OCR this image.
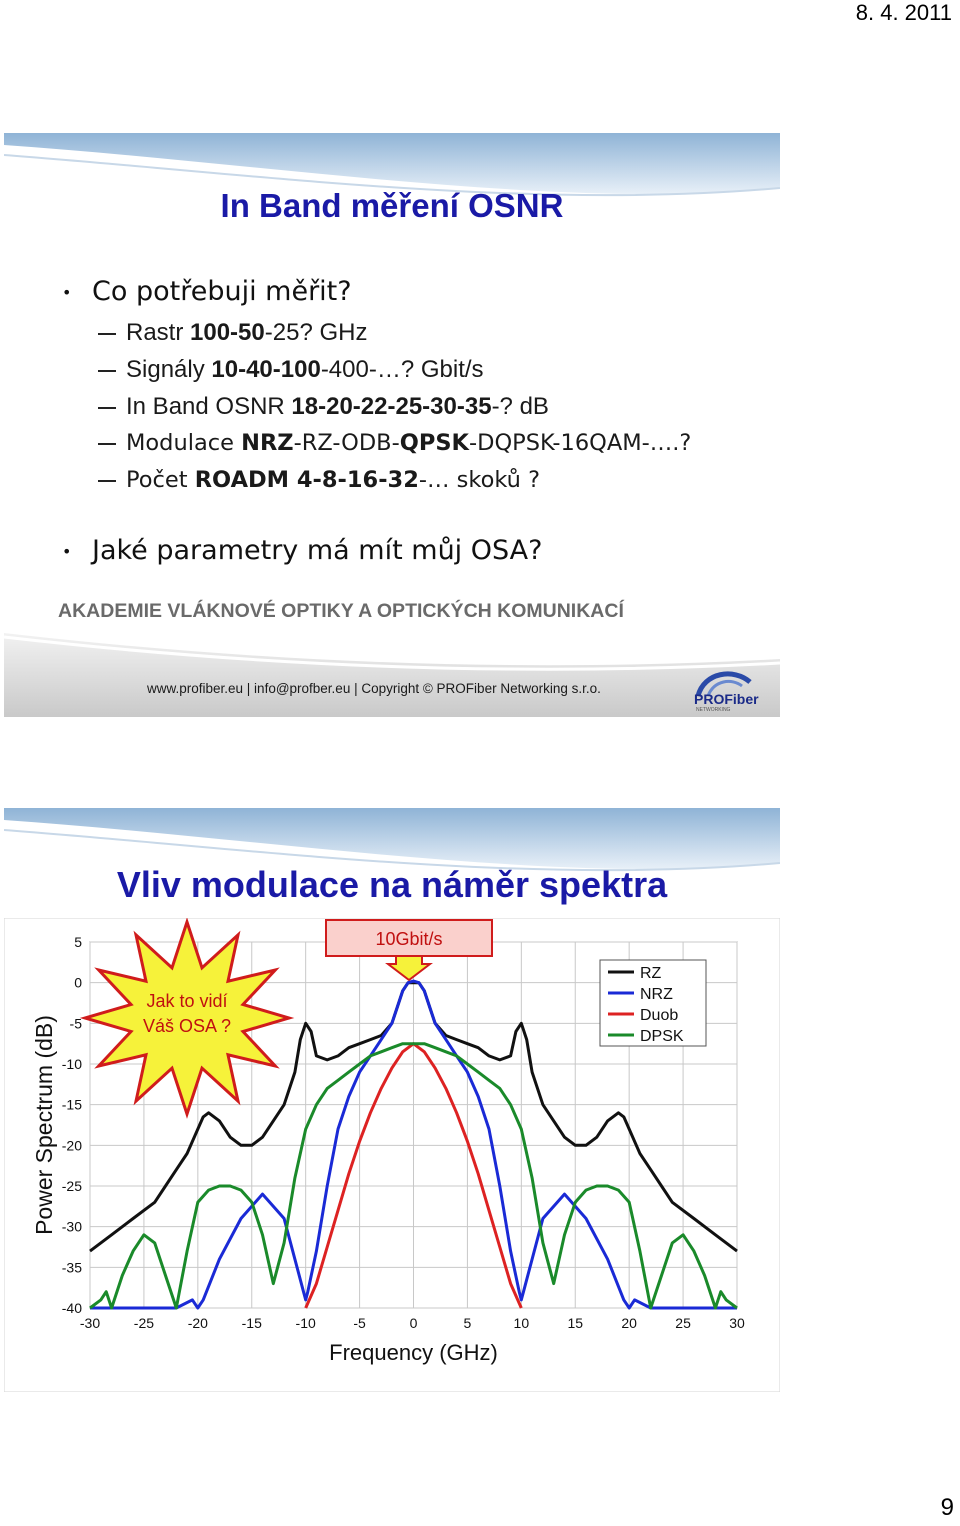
8. 4. 2011
In Band měření OSNR
• Co potřebuji měřit?
Rastr 100-50-25? GHz
Signály 10-40-100-400-…? Gbit/s
In Band OSNR 18-20-22-25-30-35-? dB
Modulace NRZ-RZ-ODB-QPSK-DQPSK-16QAM-….?
Počet ROADM 4-8-16-32-… skoků ?
• Jaké parametry má mít můj OSA?
AKADEMIE VLÁKNOVÉ OPTIKY A OPTICKÝCH KOMUNIKACÍ
www.profiber.eu | info@profber.eu | Copyright © PROFiber Networking s.r.o.
PROFiber
NETWORKING
Vliv modulace na náměr spektra
-30 -25 -20 -15 -10	-5	0	5	10	15	20	25	30
5
0
-5
-10
-15
-20
-25
-30
-35
-40
Frequency (GHz)
Power Spectrum (dB)
RZ
NRZ
Duob
DPSK
Jak to vidí
Váš OSA ?
10Gbit/s
9
